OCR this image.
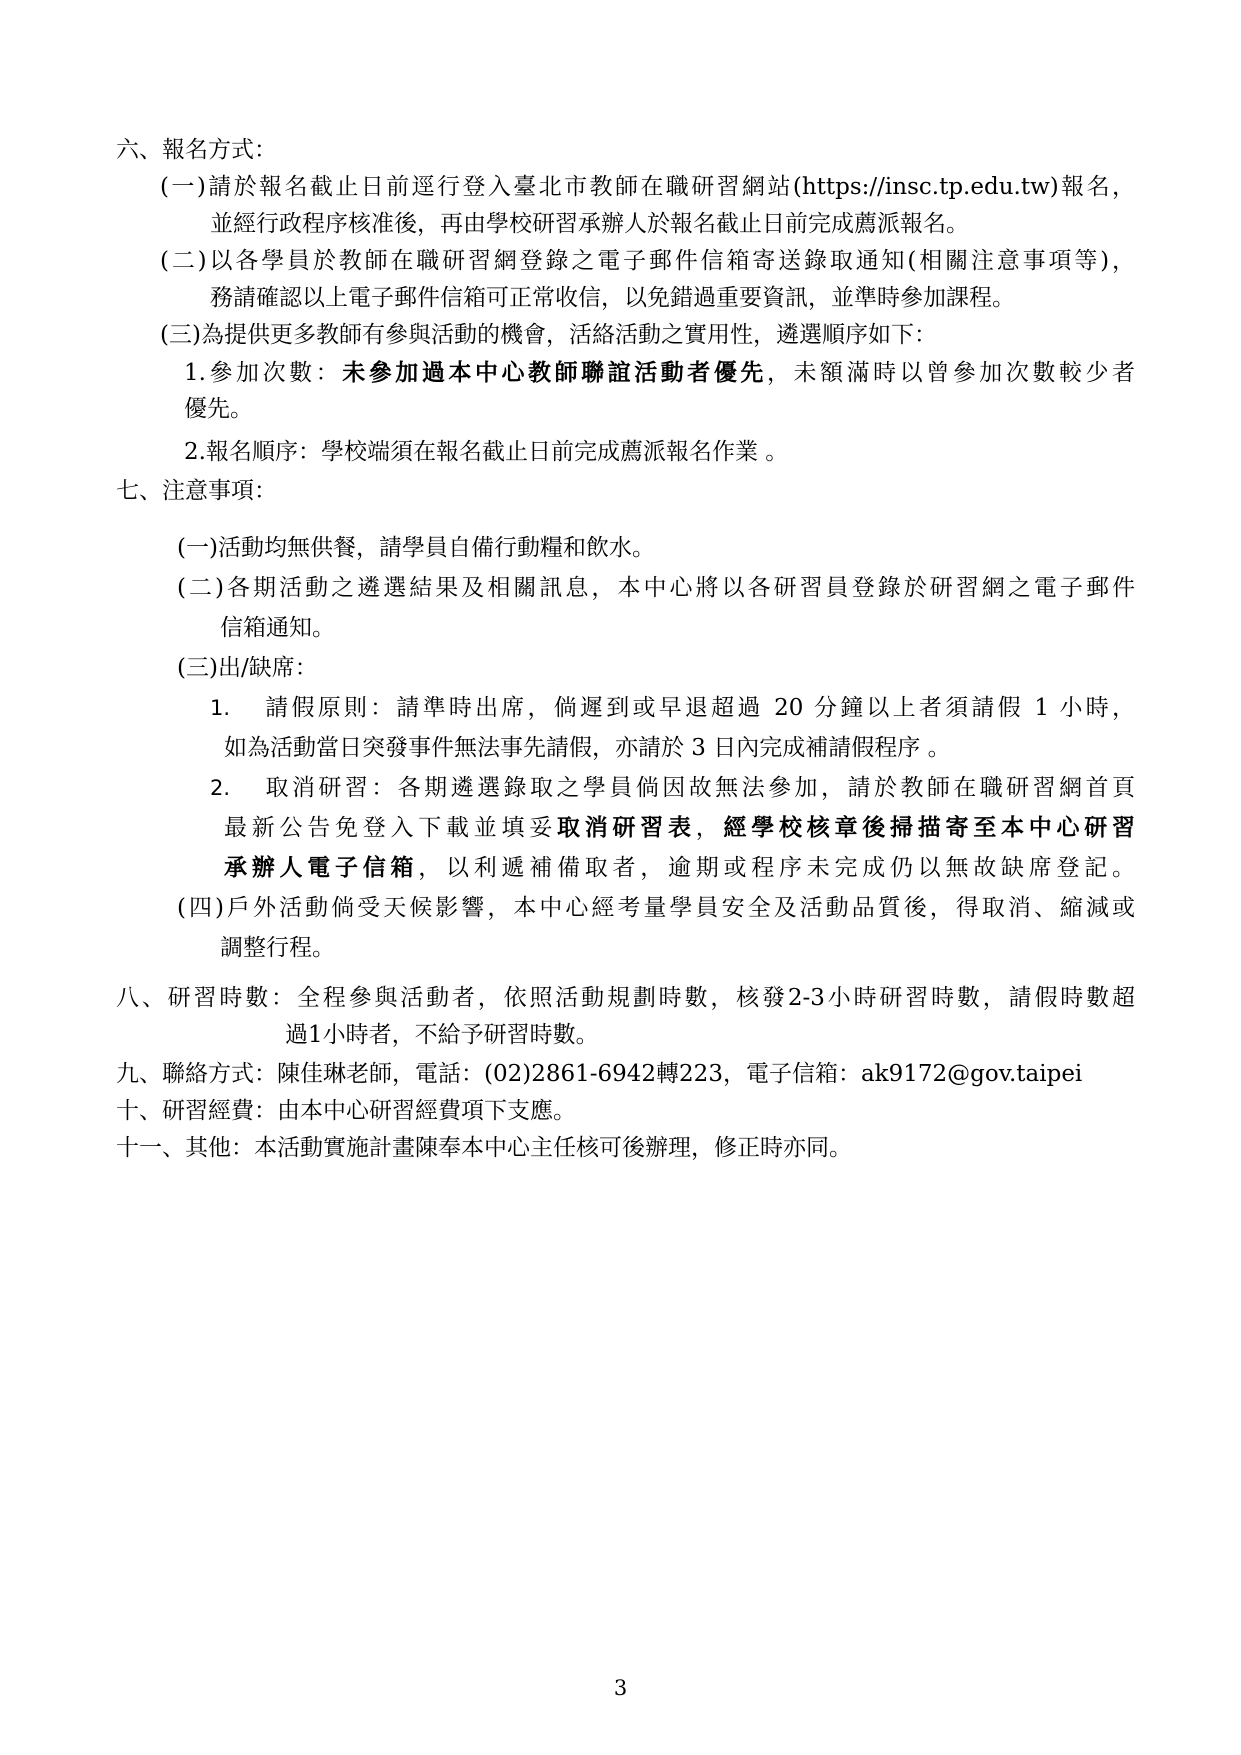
六、報名方式：
(一)請於報名截止日前逕行登入臺北市教師在職研習網站(https://insc.tp.edu.tw)報名，
並經行政程序核准後，再由學校研習承辦人於報名截止日前完成薦派報名。
(二)以各學員於教師在職研習網登錄之電子郵件信箱寄送錄取通知(相關注意事項等)，
務請確認以上電子郵件信箱可正常收信，以免錯過重要資訊，並準時參加課程。
(三)為提供更多教師有參與活動的機會，活絡活動之實用性，遴選順序如下：
1.參加次數：未參加過本中心教師聯誼活動者優先，未額滿時以曾參加次數較少者
優先。
2.報名順序：學校端須在報名截止日前完成薦派報名作業 。
七、注意事項：
(一)活動均無供餐，請學員自備行動糧和飲水。
(二)各期活動之遴選結果及相關訊息，本中心將以各研習員登錄於研習網之電子郵件
信箱通知。
(三)出/缺席：
1. 請假原則：請準時出席，倘遲到或早退超過 20 分鐘以上者須請假 1 小時，
如為活動當日突發事件無法事先請假，亦請於 3 日內完成補請假程序 。
2. 取消研習：各期遴選錄取之學員倘因故無法參加，請於教師在職研習網首頁
最新公告免登入下載並填妥取消研習表，經學校核章後掃描寄至本中心研習
承辦人電子信箱，以利遞補備取者，逾期或程序未完成仍以無故缺席登記。
(四)戶外活動倘受天候影響，本中心經考量學員安全及活動品質後，得取消、縮減或
調整行程。
八、研習時數：全程參與活動者，依照活動規劃時數，核發2-3小時研習時數，請假時數超
過1小時者，不給予研習時數。
九、聯絡方式：陳佳琳老師，電話：(02)2861-6942轉223，電子信箱：ak9172@gov.taipei
十、研習經費：由本中心研習經費項下支應。
十一、其他：本活動實施計畫陳奉本中心主任核可後辦理，修正時亦同。
3
